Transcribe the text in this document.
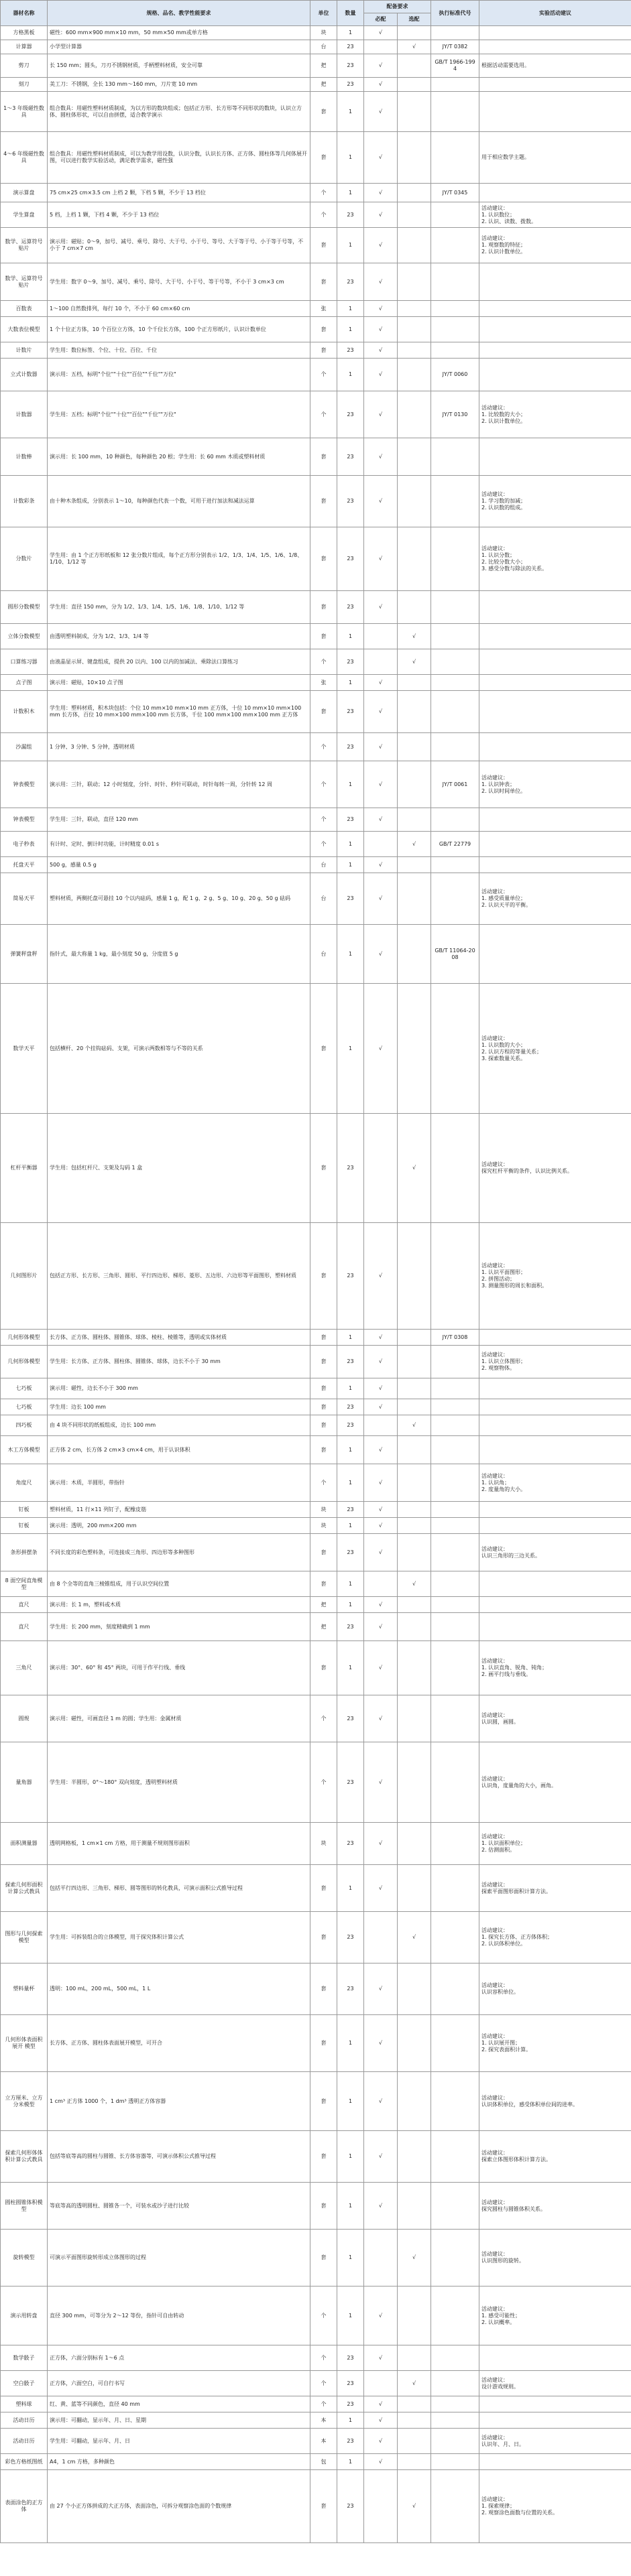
器材名称	规格、品名、教学性能要求	单位	数量	配备要求		执行标准代号	实验活动建议
				必配	选配		
方格黑板	磁性：600 mm×900 mm×10 mm，50 mm×50 mm或单方格	块	1	√			
计算器	小学型计算器	台	23		√	JY/T 0382	
剪刀	长 150 mm；圆头，刀刃不锈钢材质，手柄塑料材质，安全可靠	把	23	√		GB/T 1966-1994	根据活动需要选用。
刻刀	美工刀：不锈钢，全长 130 mm～160 mm，刀片宽 10 mm	把	23	√			
1～3 年级磁性数具	组合数具：用磁性塑料材质制成，为以方形的数块组成；包括正方形、长方形等不同形状的数块，认识立方体、圆柱体形状，可以自由拼摆，适合教学演示	套	1	√			
4～6 年级磁性数具	组合数具：用磁性塑料材质制成，可以为教学用设数，认识分数，认识长方体、正方体、圆柱体等几何体展开图，可以进行数学实验活动，满足教学需求，磁性强	套	1	√			用于相应数学主题。
演示算盘	75 cm×25 cm×3.5 cm 上档 2 颗，下档 5 颗，不少于 13 档位	个	1	√		JY/T 0345	
学生算盘	5 档，上档 1 颗，下档 4 颗，不少于 13 档位	个	23	√			活动建议：
1. 认识数位；
2. 认识、读数、拨数。
数学、运算符号贴片	演示用：磁贴；0～9，加号、减号、乘号、除号、大于号、小于号、等号、大于等于号、小于等于号等，不小于 7 cm×7 cm	套	1	√			活动建议：
1. 观察数的特征；
2. 认识计数单位。
数学、运算符号贴片	学生用：数字 0～9、加号、减号、乘号、除号、大于号、小于号、等于号等，不小于 3 cm×3 cm	套	23	√			
百数表	1～100 自然数排列，每行 10 个，不小于 60 cm×60 cm	张	1	√			
大数表位模型	1 个十位正方体，10 个百位立方体，10 个千位长方体，100 个正方形纸片，认识计数单位	套	1	√			
计数片	学生用：数位标签、个位、十位、百位、千位	套	23	√			
立式计数器	演示用：五档，标明"个位""十位""百位""千位""万位"	个	1	√		JY/T 0060	
计数器	学生用：五档；标明"个位""十位""百位""千位""万位"	个	23	√		JY/T 0130	活动建议：
1. 比较数的大小；
2. 认识计数单位。
计数棒	演示用：长 100 mm，10 种颜色，每种颜色 20 根；学生用：长 60 mm 木质或塑料材质	套	23	√			
计数彩条	由十种木条组成，分别表示 1～10，每种颜色代表一个数，可用于进行加法和减法运算	套	23	√			活动建议：
1. 学习数的加减；
2. 认识数的组成。
分数片	学生用：由 1 个正方形纸板和 12 张分数片组成，每个正方形分别表示 1/2、1/3、1/4、1/5、1/6、1/8、1/10、1/12 等	套	23	√			活动建议：
1. 认识分数；
2. 比较分数大小；
3. 感受分数与除法的关系。
圆形分数模型	学生用：直径 150 mm，分为 1/2、1/3、1/4、1/5、1/6、1/8、1/10、1/12 等	套	23	√			
立体分数模型	由透明塑料制成，分为 1/2、1/3、1/4 等	套	1		√		
口算练习器	由液晶显示屏、键盘组成，提供 20 以内、100 以内的加减法、乘除法口算练习	个	23		√		
点子图	演示用：磁贴，10×10 点子图	张	1	√			
计数积木	学生用：塑料材质，积木块包括：个位 10 mm×10 mm×10 mm 正方体，十位 10 mm×10 mm×100 mm 长方体，百位 10 mm×100 mm×100 mm 长方体，千位 100 mm×100 mm×100 mm 正方体	套	23	√			
沙漏组	1 分钟、3 分钟、5 分钟，透明材质	个	23	√			
钟表模型	演示用：三针，联动；12 小时刻度，分针、时针、秒针可联动，时针每转一周，分针转 12 周	个	1	√		JY/T 0061	活动建议：
1. 认识钟表；
2. 认识时间单位。
钟表模型	学生用：三针，联动，直径 120 mm	个	23	√			
电子秒表	有计时、定时、倒计时功能，计时精度 0.01 s	个	1		√	GB/T 22779	
托盘天平	500 g，感量 0.5 g	台	1	√			
简易天平	塑料材质，两侧托盘可悬挂 10 个以内砝码，感量 1 g，配 1 g、2 g、5 g、10 g、20 g、50 g 砝码	台	23	√			活动建议：
1. 感受质量单位；
2. 认识天平的平衡。
弹簧秤盘秤	指针式，最大称量 1 kg，最小刻度 50 g，分度值 5 g	台	1	√		GB/T 11064-2008	
数学天平	包括横杆、20 个挂钩砝码、支架，可演示两数相等与不等的关系	套	1	√			活动建议：
1. 认识数的大小；
2. 认识方程的等量关系；
3. 探索数量关系。
杠杆平衡器	学生用：包括杠杆尺、支架及勾码 1 盒	套	23		√		活动建议：
探究杠杆平衡的条件，认识比例关系。
几何图形片	包括正方形、长方形、三角形、圆形、平行四边形、梯形、菱形、五边形、六边形等平面图形，塑料材质	套	23	√			活动建议：
1. 认识平面图形；
2. 拼图活动；
3. 测量图形的周长和面积。
几何形体模型	长方体、正方体、圆柱体、圆锥体、球体、棱柱、棱锥等，透明或实体材质	套	1	√		JY/T 0308	
几何形体模型	学生用：长方体、正方体、圆柱体、圆锥体、球体，边长不小于 30 mm	套	23	√			活动建议：
1. 认识立体图形；
2. 观察物体。
七巧板	演示用：磁性，边长不小于 300 mm	套	1	√			
七巧板	学生用：边长 100 mm	套	23	√			
四巧板	由 4 块不同形状的纸板组成，边长 100 mm	套	23		√		
木工方体模型	正方体 2 cm，长方体 2 cm×3 cm×4 cm，用于认识体积	套	1	√			
角度尺	演示用：木质，半圆形，带指针	个	1	√			活动建议：
1. 认识角；
2. 度量角的大小。
钉板	塑料材质，11 行×11 列钉子，配橡皮筋	块	23	√			
钉板	演示用：透明，200 mm×200 mm	块	1	√			
条形拼摆条	不同长度的彩色塑料条，可连接成三角形、四边形等多种图形	套	23	√			活动建议：
认识三角形的三边关系。
8 面空间直角模型	由 8 个全等的直角三棱锥组成，用于认识空间位置	套	1		√		
直尺	演示用：长 1 m，塑料或木质	把	1	√			
直尺	学生用：长 200 mm，刻度精确到 1 mm	把	23	√			
三角尺	演示用：30°、60° 和 45° 两块，可用于作平行线、垂线	套	1	√			活动建议：
1. 认识直角、锐角、钝角；
2. 画平行线与垂线。
圆规	演示用：磁性，可画直径 1 m 的圆；学生用：金属材质	个	23	√			活动建议：
认识圆，画圆。
量角器	学生用：半圆形，0°～180° 双向刻度，透明塑料材质	个	23	√			活动建议：
认识角，度量角的大小，画角。
面积测量器	透明网格板，1 cm×1 cm 方格，用于测量不规则图形面积	块	23	√			活动建议：
1. 认识面积单位；
2. 估测面积。
探索几何形面积计算公式教具	包括平行四边形、三角形、梯形、圆等图形的转化教具，可演示面积公式推导过程	套	1	√			活动建议：
探索平面图形面积计算方法。
图形与几何探索模型	学生用：可拆装组合的立体模型，用于探究体积计算公式	套	23		√		活动建议：
1. 探究长方体、正方体体积；
2. 认识体积单位。
塑料量杯	透明：100 mL，200 mL，500 mL，1 L	套	23	√			活动建议：
认识容积单位。
几何形体表面积展开 模型	长方体、正方体、圆柱体表面展开模型，可开合	套	1	√			活动建议：
1. 认识展开图；
2. 探究表面积计算。
立方厘米、立方分米模型	1 cm³ 正方体 1000 个，1 dm³ 透明正方体容器	套	1	√			活动建议：
认识体积单位，感受体积单位间的进率。
探索几何形体体积计算公式教具	包括等底等高的圆柱与圆锥、长方体容器等，可演示体积公式推导过程	套	1	√			活动建议：
探索立体图形体积计算方法。
圆柱圆锥体积模型	等底等高的透明圆柱、圆锥各一个，可装水或沙子进行比较	套	1	√			活动建议：
探究圆柱与圆锥体积关系。
旋转模型	可演示平面图形旋转形成立体图形的过程	套	1		√		活动建议：
认识图形的旋转。
演示用转盘	直径 300 mm，可等分为 2～12 等份，指针可自由转动	个	1	√			活动建议：
1. 感受可能性；
2. 认识概率。
数学骰子	正方体，六面分别标有 1～6 点	个	23	√			
空白骰子	正方体，六面空白，可自行书写	个	23		√		活动建议：
设计游戏规则。
塑料球	红、黄、蓝等不同颜色，直径 40 mm	个	23	√			
活动日历	演示用：可翻动，显示年、月、日、星期	本	1	√			
活动日历	学生用：可翻动，显示年、月、日	本	23	√			活动建议：
认识年、月、日。
彩色方格纸图纸	A4，1 cm 方格，多种颜色	包	1	√			
表面涂色的正方体	由 27 个小正方体拼成的大正方体，表面涂色，可拆分观察涂色面的个数规律	套	23		√		活动建议：
1. 探索规律；
2. 观察涂色面数与位置的关系。
